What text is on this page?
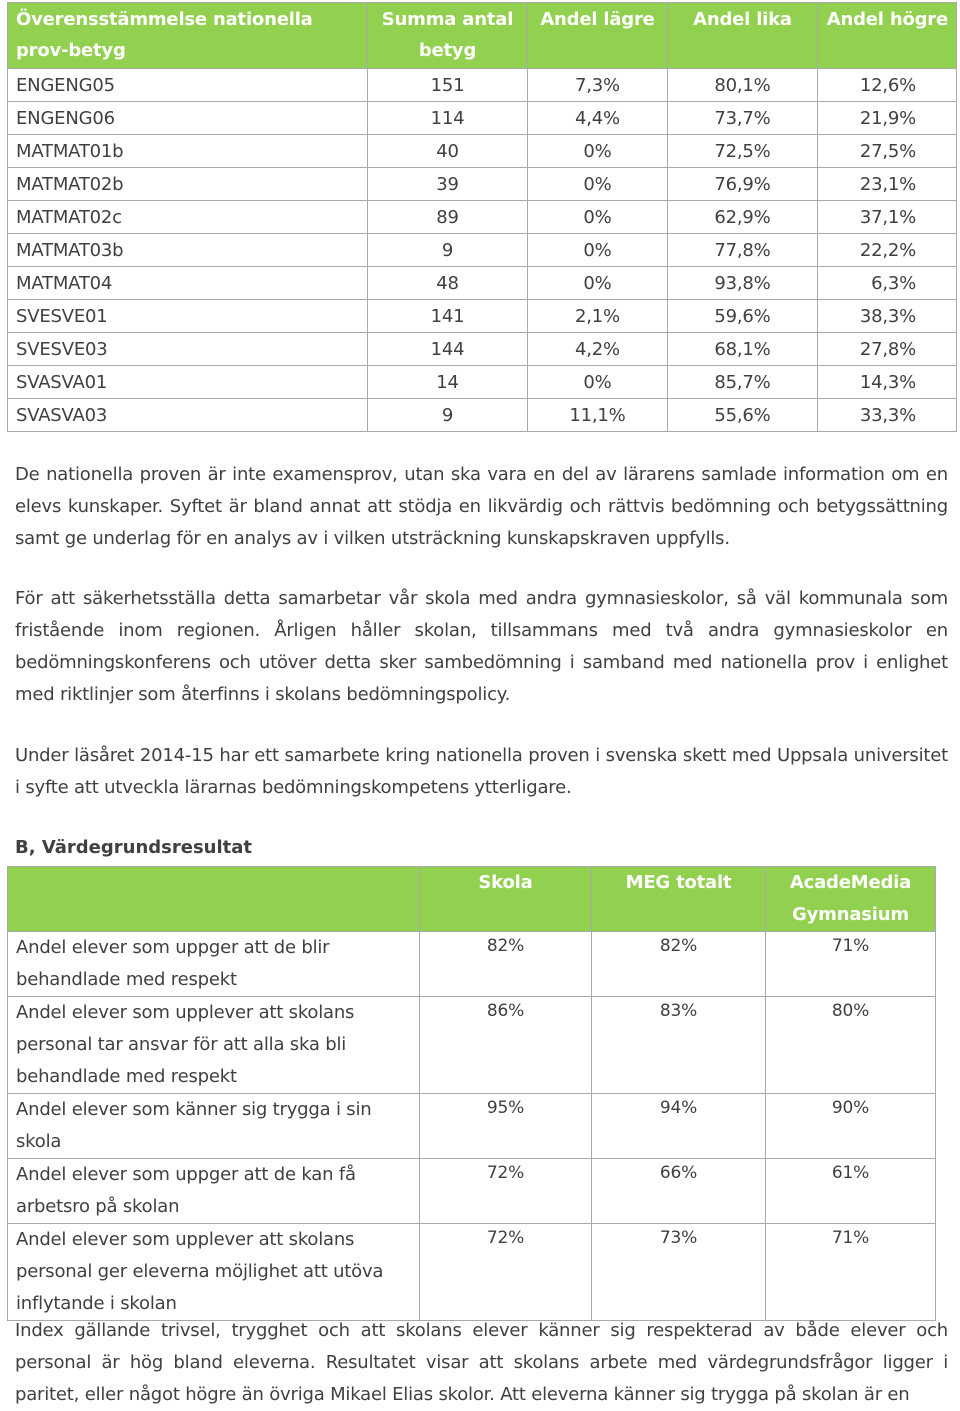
Överensstämmelse nationella prov-betyg	Summa antal betyg	Andel lägre	Andel lika	Andel högre
ENGENG05	151	7,3%	80,1%	12,6%
ENGENG06	114	4,4%	73,7%	21,9%
MATMAT01b	40	0%	72,5%	27,5%
MATMAT02b	39	0%	76,9%	23,1%
MATMAT02c	89	0%	62,9%	37,1%
MATMAT03b	9	0%	77,8%	22,2%
MATMAT04	48	0%	93,8%	6,3%
SVESVE01	141	2,1%	59,6%	38,3%
SVESVE03	144	4,2%	68,1%	27,8%
SVASVA01	14	0%	85,7%	14,3%
SVASVA03	9	11,1%	55,6%	33,3%

De nationella proven är inte examensprov, utan ska vara en del av lärarens samlade information om en elevs kunskaper. Syftet är bland annat att stödja en likvärdig och rättvis bedömning och betygssättning samt ge underlag för en analys av i vilken utsträckning kunskapskraven uppfylls.

För att säkerhetsställa detta samarbetar vår skola med andra gymnasieskolor, så väl kommunala som fristående inom regionen. Årligen håller skolan, tillsammans med två andra gymnasieskolor en bedömningskonferens och utöver detta sker sambedömning i samband med nationella prov i enlighet med riktlinjer som återfinns i skolans bedömningspolicy.

Under läsåret 2014-15 har ett samarbete kring nationella proven i svenska skett med Uppsala universitet i syfte att utveckla lärarnas bedömningskompetens ytterligare.

B, Värdegrundsresultat
	Skola	MEG totalt	AcadeMedia Gymnasium
Andel elever som uppger att de blir behandlade med respekt	82%	82%	71%
Andel elever som upplever att skolans personal tar ansvar för att alla ska bli behandlade med respekt	86%	83%	80%
Andel elever som känner sig trygga i sin skola	95%	94%	90%
Andel elever som uppger att de kan få arbetsro på skolan	72%	66%	61%
Andel elever som upplever att skolans personal ger eleverna möjlighet att utöva inflytande i skolan	72%	73%	71%

Index gällande trivsel, trygghet och att skolans elever känner sig respekterad av både elever och personal är hög bland eleverna. Resultatet visar att skolans arbete med värdegrundsfrågor ligger i paritet, eller något högre än övriga Mikael Elias skolor. Att eleverna känner sig trygga på skolan är en
